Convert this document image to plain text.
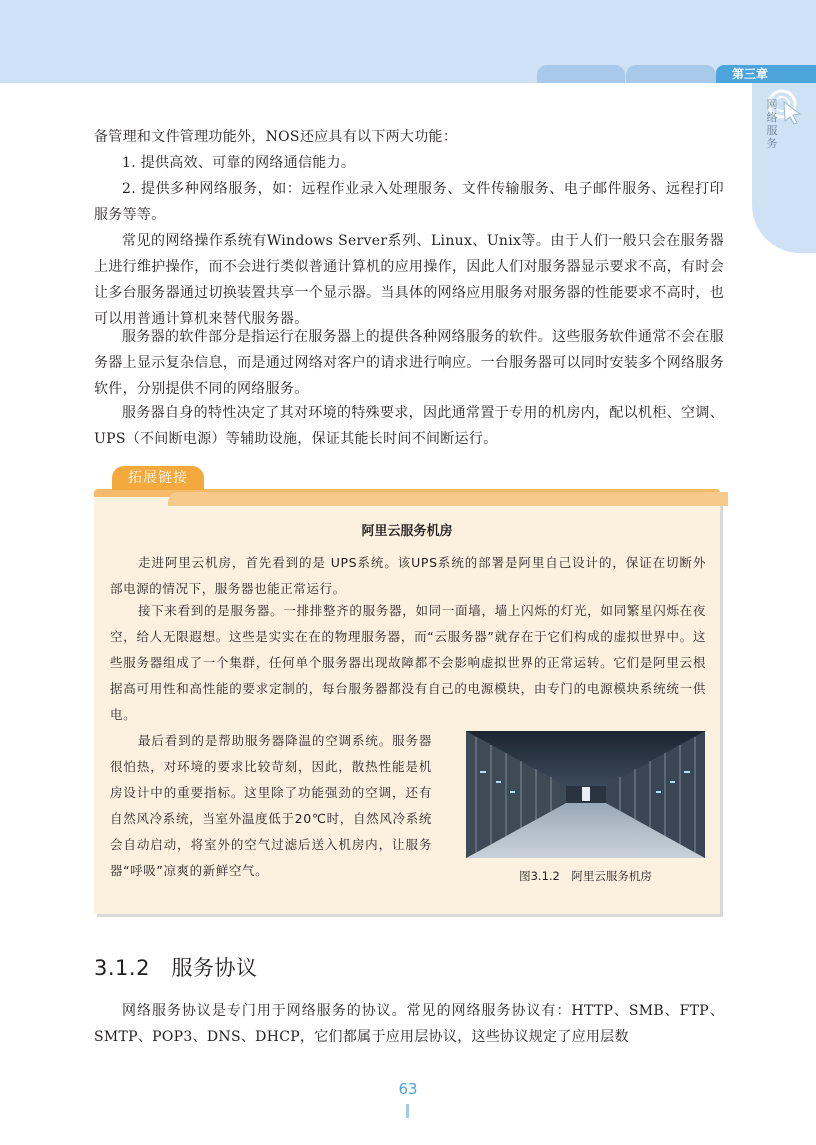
第三章
网络服务

备管理和文件管理功能外，NOS还应具有以下两大功能：

1. 提供高效、可靠的网络通信能力。

2. 提供多种网络服务，如：远程作业录入处理服务、文件传输服务、电子邮件服务、远程打印服务等等。

常见的网络操作系统有Windows Server系列、Linux、Unix等。由于人们一般只会在服务器上进行维护操作，而不会进行类似普通计算机的应用操作，因此人们对服务器显示要求不高，有时会让多台服务器通过切换装置共享一个显示器。当具体的网络应用服务对服务器的性能要求不高时，也可以用普通计算机来替代服务器。

服务器的软件部分是指运行在服务器上的提供各种网络服务的软件。这些服务软件通常不会在服务器上显示复杂信息，而是通过网络对客户的请求进行响应。一台服务器可以同时安装多个网络服务软件，分别提供不同的网络服务。

服务器自身的特性决定了其对环境的特殊要求，因此通常置于专用的机房内，配以机柜、空调、UPS（不间断电源）等辅助设施，保证其能长时间不间断运行。

拓展链接
阿里云服务机房

走进阿里云机房，首先看到的是 UPS系统。该UPS系统的部署是阿里自己设计的，保证在切断外部电源的情况下，服务器也能正常运行。

接下来看到的是服务器。一排排整齐的服务器，如同一面墙，墙上闪烁的灯光，如同繁星闪烁在夜空，给人无限遐想。这些是实实在在的物理服务器，而“云服务器”就存在于它们构成的虚拟世界中。这些服务器组成了一个集群，任何单个服务器出现故障都不会影响虚拟世界的正常运转。它们是阿里云根据高可用性和高性能的要求定制的，每台服务器都没有自己的电源模块，由专门的电源模块系统统一供电。

最后看到的是帮助服务器降温的空调系统。服务器很怕热，对环境的要求比较苛刻，因此，散热性能是机房设计中的重要指标。这里除了功能强劲的空调，还有自然风冷系统，当室外温度低于20℃时，自然风冷系统会自动启动，将室外的空气过滤后送入机房内，让服务器“呼吸”凉爽的新鲜空气。	图3.1.2　阿里云服务机房
3.1.2 服务协议

网络服务协议是专门用于网络服务的协议。常见的网络服务协议有：HTTP、SMB、FTP、SMTP、POP3、DNS、DHCP，它们都属于应用层协议，这些协议规定了应用层数

63
